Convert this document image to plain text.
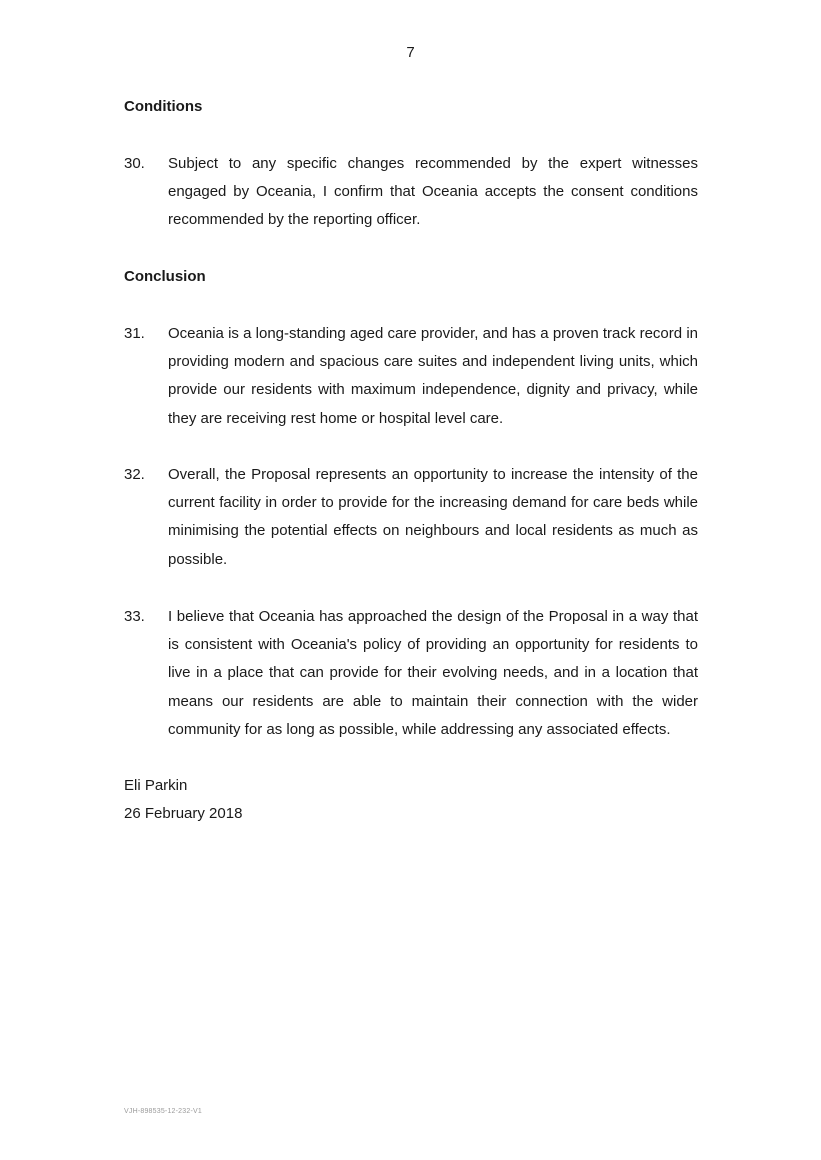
7
Conditions
30. Subject to any specific changes recommended by the expert witnesses engaged by Oceania, I confirm that Oceania accepts the consent conditions recommended by the reporting officer.
Conclusion
31. Oceania is a long-standing aged care provider, and has a proven track record in providing modern and spacious care suites and independent living units, which provide our residents with maximum independence, dignity and privacy, while they are receiving rest home or hospital level care.
32. Overall, the Proposal represents an opportunity to increase the intensity of the current facility in order to provide for the increasing demand for care beds while minimising the potential effects on neighbours and local residents as much as possible.
33. I believe that Oceania has approached the design of the Proposal in a way that is consistent with Oceania's policy of providing an opportunity for residents to live in a place that can provide for their evolving needs, and in a location that means our residents are able to maintain their connection with the wider community for as long as possible, while addressing any associated effects.
Eli Parkin
26 February 2018
VJH-898535-12-232-V1
